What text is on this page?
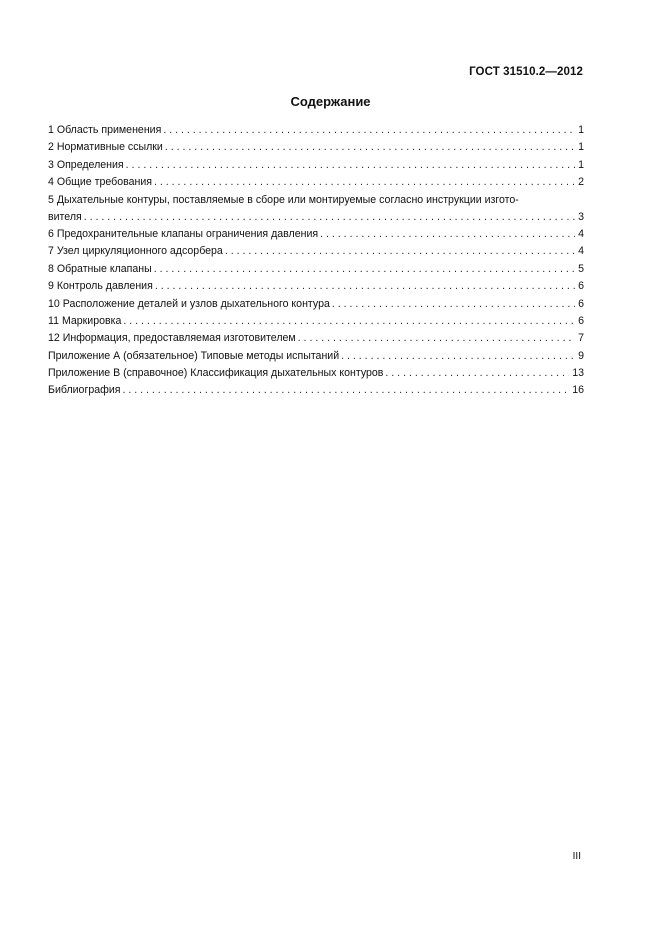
ГОСТ 31510.2—2012
Содержание
1 Область применения . . .	1
2 Нормативные ссылки . . .	1
3 Определения . . .	1
4 Общие требования . . .	2
5 Дыхательные контуры, поставляемые в сборе или монтируемые согласно инструкции изгото-
вителя . . .	3
6 Предохранительные клапаны ограничения давления . . .	4
7 Узел циркуляционного адсорбера . . .	4
8 Обратные клапаны . . .	5
9 Контроль давления . . .	6
10 Расположение деталей и узлов дыхательного контура . . .	6
11 Маркировка . . .	6
12 Информация, предоставляемая изготовителем . . .	7
Приложение А (обязательное) Типовые методы испытаний . . .	9
Приложение В (справочное) Классификация дыхательных контуров . . .	13
Библиография . . .	16
III
